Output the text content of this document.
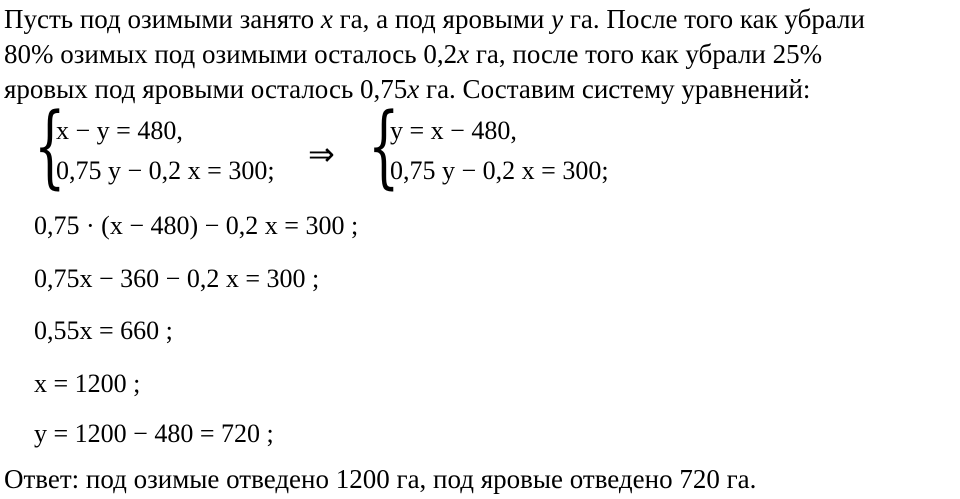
Пусть под озимыми занято x га, а под яровыми y га. После того как убрали
80% озимых под озимыми осталось 0,2x га, после того как убрали 25%
яровых под яровыми осталось 0,75x га. Составим систему уравнений:
{
x − y = 480,
0,75 y − 0,2 x = 300; ⇒ {
y = x − 480,
0,75 y − 0,2 x = 300;
0,75 · (x − 480) − 0,2 x = 300 ;
0,75x − 360 − 0,2 x = 300 ;
0,55x = 660 ;
x = 1200 ;
y = 1200 − 480 = 720 ;
Ответ: под озимые отведено 1200 га, под яровые отведено 720 га.
